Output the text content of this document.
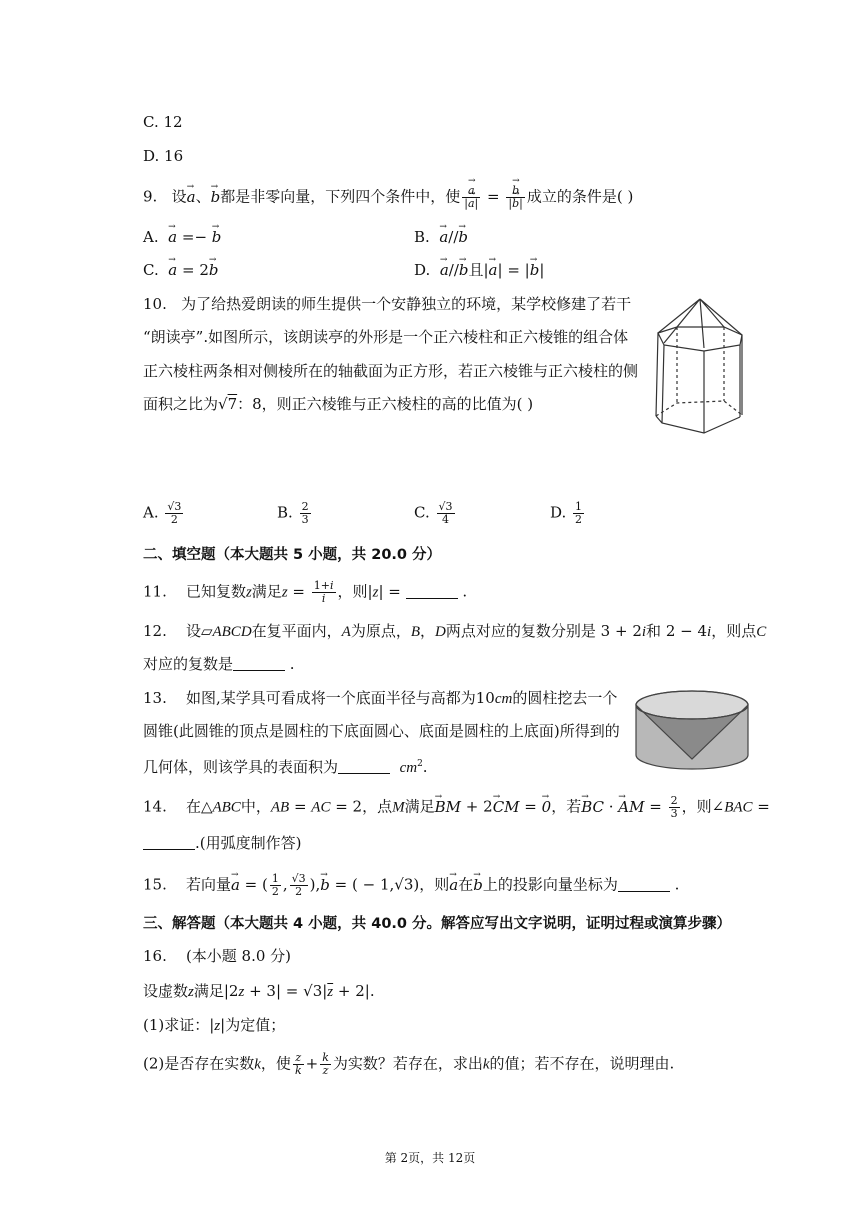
C. 12
D. 16
9. 设→ a、→ b都是非零向量，下列四个条件中，使 → $\frac{a}{|\to a|}$ = → $\frac{b}{|\to b|}$ 成立的条件是( )
A. → a =− → b	B. → a//→ b
C. → a = 2→ b	D. → a//→ b且|→ a| = |→ b|
10. 为了给热爱朗读的师生提供一个安静独立的环境，某学校修建了若干
“朗读亭”.如图所示，该朗读亭的外形是一个正六棱柱和正六棱锥的组合体
正六棱柱两条相对侧棱所在的轴截面为正方形，若正六棱锥与正六棱柱的侧
面积之比为√7：8，则正六棱锥与正六棱柱的高的比值为( )
A. $\frac{√3}{2}$	B. $\frac{2}{3}$	C. $\frac{√3}{4}$	D. $\frac{1}{2}$
二、填空题（本大题共 5 小题，共 20.0 分）
11. 已知复数z满足$z = \frac{1+i}{i}$ ，则|z| =	.
12. 设▱ABCD在复平面内，A为原点，B，D两点对应的复数分别是 3 + 2i和 2 − 4i，则点C
对应的复数是	.
13. 如图,某学具可看成将一个底面半径与高都为10cm的圆柱挖去一个
圆锥(此圆锥的顶点是圆柱的下底面圆心、底面是圆柱的上底面)所得到的
几何体，则该学具的表面积为	$cm^2$.
14. 在△ABC中，AB = AC = 2，点M满足→ BM + 2→ CM = → 0，若→ BC · → AM = $\frac{2}{3}$ ，则∠BAC =
.(用弧度制作答)
15. 若向量→ a = ( $\frac{1}{2}$ , $\frac{√3}{2}$ ),→ b = ( − 1,√3)，则→ a在→ b上的投影向量坐标为	.
三、解答题（本大题共 4 小题，共 40.0 分。解答应写出文字说明，证明过程或演算步骤）
16. (本小题 8.0 分)
设虚数z满足$|2z + 3| = √3|\overline{z} + 2|$.
(1)求证：|z|为定值；
(2)是否存在实数k，使 $\frac{z}{k} + \frac{k}{z}$ 为实数？若存在，求出k的值；若不存在，说明理由.
第 2页，共 12页
